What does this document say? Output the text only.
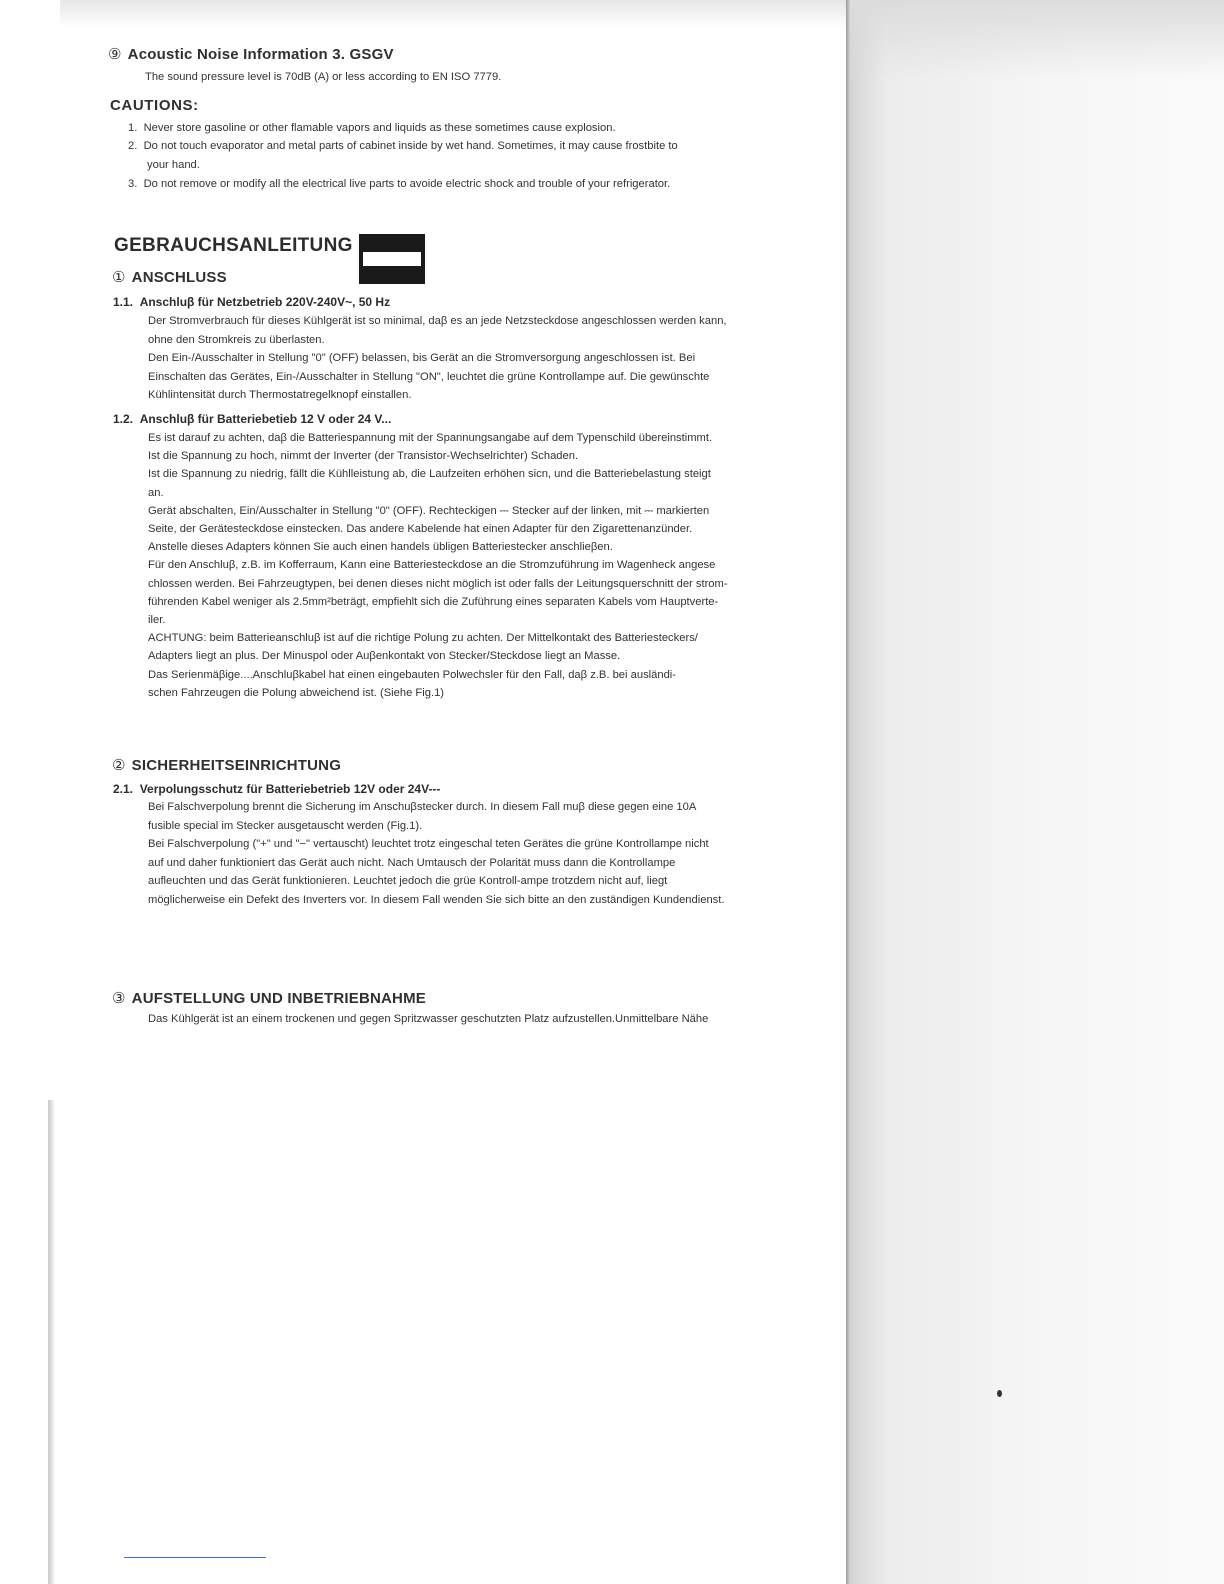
⑨ Acoustic Noise Information 3. GSGV
The sound pressure level is 70dB (A) or less according to EN ISO 7779.
CAUTIONS:
1. Never store gasoline or other flamable vapors and liquids as these sometimes cause explosion.
2. Do not touch evaporator and metal parts of cabinet inside by wet hand. Sometimes, it may cause frostbite to
your hand.
3. Do not remove or modify all the electrical live parts to avoide electric shock and trouble of your refrigerator.
GEBRAUCHSANLEITUNG
① ANSCHLUSS
1.1. Anschluβ für Netzbetrieb 220V-240V~, 50 Hz
Der Stromverbrauch für dieses Kühlgerät ist so minimal, daβ es an jede Netzsteckdose angeschlossen werden kann,
ohne den Stromkreis zu überlasten.
Den Ein-/Ausschalter in Stellung "0" (OFF) belassen, bis Gerät an die Stromversorgung angeschlossen ist. Bei
Einschalten das Gerätes, Ein-/Ausschalter in Stellung "ON", leuchtet die grüne Kontrollampe auf. Die gewünschte
Kühlintensität durch Thermostatregelknopf einstallen.
1.2. Anschluβ für Batteriebetieb 12 V oder 24 V...
Es ist darauf zu achten, daβ die Batteriespannung mit der Spannungsangabe auf dem Typenschild übereinstimmt.
Ist die Spannung zu hoch, nimmt der Inverter (der Transistor-Wechselrichter) Schaden.
Ist die Spannung zu niedrig, fällt die Kühlleistung ab, die Laufzeiten erhöhen sicn, und die Batteriebelastung steigt
an.
Gerät abschalten, Ein/Ausschalter in Stellung "0" (OFF). Rechteckigen ⎓ Stecker auf der linken, mit ⎓ markierten
Seite, der Gerätesteckdose einstecken. Das andere Kabelende hat einen Adapter für den Zigarettenanzünder.
Anstelle dieses Adapters können Sie auch einen handels übligen Batteriestecker anschlieβen.
Für den Anschluβ, z.B. im Kofferraum, Kann eine Batteriesteckdose an die Stromzuführung im Wagenheck angese
chlossen werden. Bei Fahrzeugtypen, bei denen dieses nicht möglich ist oder falls der Leitungsquerschnitt der strom-
führenden Kabel weniger als 2.5mm²beträgt, empfiehlt sich die Zuführung eines separaten Kabels vom Hauptverte-
iler.
ACHTUNG: beim Batterieanschluβ ist auf die richtige Polung zu achten. Der Mittelkontakt des Batteriesteckers/
Adapters liegt an plus. Der Minuspol oder Auβenkontakt von Stecker/Steckdose liegt an Masse.
Das Serienmäβige....Anschluβkabel hat einen eingebauten Polwechsler für den Fall, daβ z.B. bei ausländi-
schen Fahrzeugen die Polung abweichend ist. (Siehe Fig.1)
② SICHERHEITSEINRICHTUNG
2.1. Verpolungsschutz für Batteriebetrieb 12V oder 24V---
Bei Falschverpolung brennt die Sicherung im Anschuβstecker durch. In diesem Fall muβ diese gegen eine 10A
fusible special im Stecker ausgetauscht werden (Fig.1).
Bei Falschverpolung ("+" und "−" vertauscht) leuchtet trotz eingeschal teten Gerätes die grüne Kontrollampe nicht
auf und daher funktioniert das Gerät auch nicht. Nach Umtausch der Polarität muss dann die Kontrollampe
aufleuchten und das Gerät funktionieren. Leuchtet jedoch die grüe Kontroll-ampe trotzdem nicht auf, liegt
möglicherweise ein Defekt des Inverters vor. In diesem Fall wenden Sie sich bitte an den zuständigen Kundendienst.
③ AUFSTELLUNG UND INBETRIEBNAHME
Das Kühlgerät ist an einem trockenen und gegen Spritzwasser geschutzten Platz aufzustellen.Unmittelbare Nähe
